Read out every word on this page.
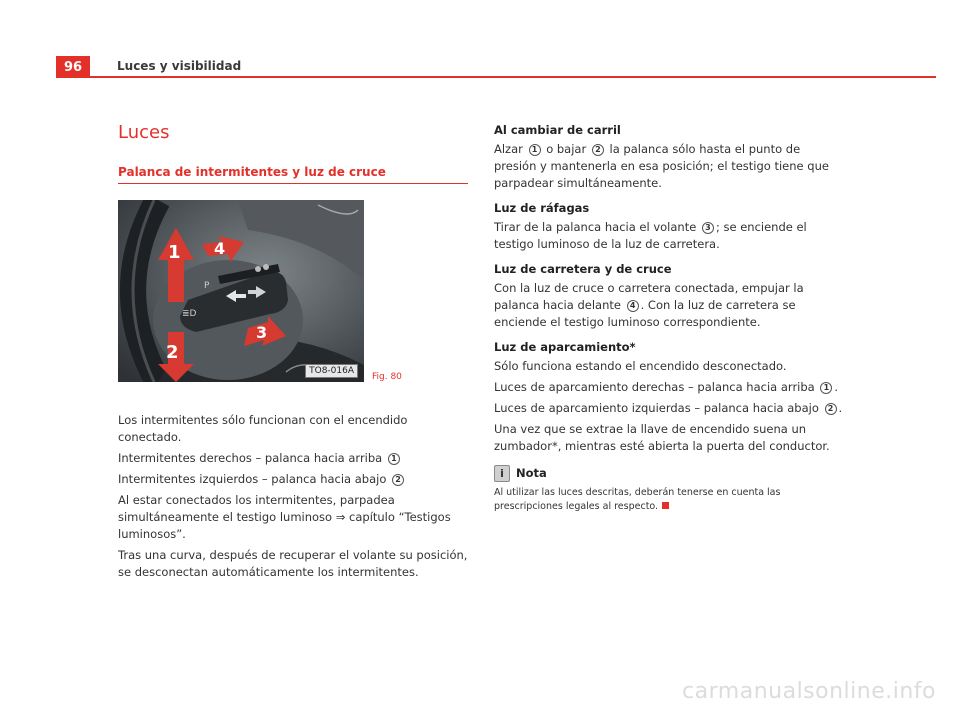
96	Luces y visibilidad
Luces
Palanca de intermitentes y luz de cruce
P
≣D
1
2
3
4
TO8-016A
Fig. 80

Los intermitentes sólo funcionan con el encendido conectado.

Intermitentes derechos – palanca hacia arriba 1

Intermitentes izquierdos – palanca hacia abajo 2

Al estar conectados los intermitentes, parpadea simultáneamente el testigo luminoso ⇒ capítulo “Testigos luminosos”.

Tras una curva, después de recuperar el volante su posición, se desconectan automáticamente los intermitentes.

Al cambiar de carril

Alzar 1 o bajar 2 la palanca sólo hasta el punto de presión y mantenerla en esa posición; el testigo tiene que parpadear simultáneamente.

Luz de ráfagas

Tirar de la palanca hacia el volante 3 ; se enciende el testigo luminoso de la luz de carretera.

Luz de carretera y de cruce

Con la luz de cruce o carretera conectada, empujar la palanca hacia delante 4 . Con la luz de carretera se enciende el testigo luminoso correspondiente.

Luz de aparcamiento*

Sólo funciona estando el encendido desconectado.

Luces de aparcamiento derechas – palanca hacia arriba 1 .

Luces de aparcamiento izquierdas – palanca hacia abajo 2 .

Una vez que se extrae la llave de encendido suena un zumbador*, mientras esté abierta la puerta del conductor.

i	Nota
Al utilizar las luces descritas, deberán tenerse en cuenta las prescripciones legales al respecto.
carmanualsonline.info
